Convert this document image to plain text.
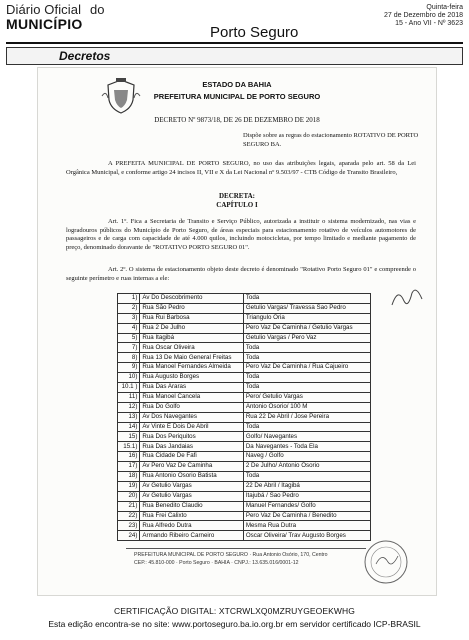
Diário Oficial do
MUNICÍPIO	Porto Seguro
Quinta-feira
27 de Dezembro de 2018
15 - Ano VII - Nº 3623
Decretos
ESTADO DA BAHIA
PREFEITURA MUNICIPAL DE PORTO SEGURO
DECRETO Nº 9873/18, DE 26 DE DEZEMBRO DE 2018
Dispõe sobre as regras do estacionamento ROTATIVO DE PORTO SEGURO BA.
A PREFEITA MUNICIPAL DE PORTO SEGURO, no uso das atribuições legais, aparada pelo art. 58 da Lei Orgânica Municipal, e conforme artigo 24 incisos II, VII e X da Lei Nacional nº 9.503/97 - CTB Código de Transito Brasileiro,
DECRETA:
CAPÍTULO I
Art. 1º. Fica a Secretaria de Transito e Serviço Público, autorizada a instituir o sistema modernizado, nas vias e logradouros públicos do Município de Porto Seguro, de áreas especiais para estacionamento rotativo de veículos automotores de passageiros e de carga com capacidade de até 4.000 quilos, incluindo motocicletas, por tempo limitado e mediante pagamento de preço, denominado doravante de "ROTATIVO PORTO SEGURO 01".
Art. 2º. O sistema de estacionamento objeto deste decreto é denominado "Rotativo Porto Seguro 01" e compreende o seguinte perímetro e ruas internas a ele:
1)	Av Do Descobrimento	Toda
2)	Rua São Pedro	Getulio Vargas/ Travessa Sao Pedro
3)	Rua Rui Barbosa	Triangulo Oria
4)	Rua 2 De Julho	Pero Vaz De Caminha / Getulio Vargas
5)	Rua Itagibá	Getulio Vargas / Pero Vaz
7)	Rua Oscar Oliveira	Toda
8)	Rua 13 De Maio General Freitas	Toda
9)	Rua Manoel Fernandes Almeida	Pero Vaz De Caminha / Rua Cajueiro
10)	Rua Augusto Borges	Toda
10.1 )	Rua Das Araras	Toda
11)	Rua Manoel Cancela	Pero/ Getulio Vargas
12)	Rua Do Golfo	Antonio Osorio/ 100 M
13)	Av Dos Navegantes	Rua 22 De Abril / Jose Pereira
14)	Av Vinte E Dois De Abril	Toda
15)	Rua Dos Periquitos	Golfo/ Navegantes
15.1)	Rua Das Jandaias	Da Navegantes - Toda Ela
16)	Rua Cidade De Fafi	Naveg / Golfo
17)	Av Pero Vaz De Caminha	2 De Julho/ Antonio Osorio
18)	Rua Antonio Osorio Batista	Toda
19)	Av Getulio Vargas	22 De Abril / Itagibá
20)	Av Getulio Vargas	Itajubá / Sao Pedro
21)	Rua Benedito Claudio	Manuel Fernandes/ Golfo
22)	Rua Frei Calixto	Pero Vaz De Caminha / Benedito
23)	Rua Alfredo Dutra	Mesma Rua Dutra
24)	Armando Ribeiro Carneiro	Oscar Oliveira/ Trav Augusto Borges
PREFEITURA MUNICIPAL DE PORTO SEGURO · Rua Antonio Osório, 170, Centro
CEP.: 45.810-000 · Porto Seguro · BAHIA · CNPJ.: 13.635.016/0001-12
CERTIFICAÇÃO DIGITAL: XTCRWLXQ0MZRUYGEOEKWHG
Esta edição encontra-se no site: www.portoseguro.ba.io.org.br em servidor certificado ICP-BRASIL
